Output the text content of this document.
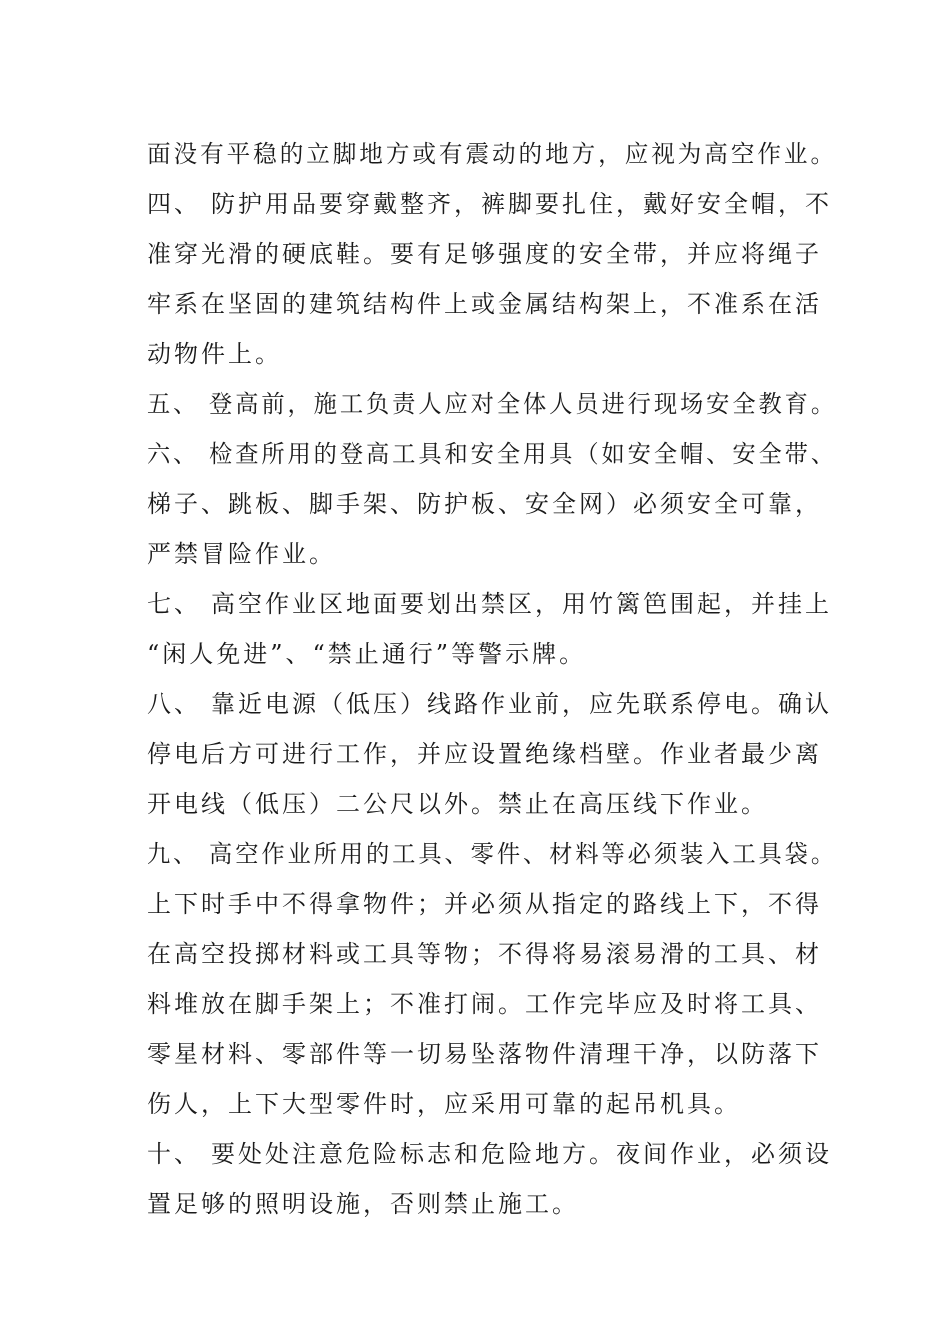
面没有平稳的立脚地方或有震动的地方，应视为高空作业。
四、 防护用品要穿戴整齐，裤脚要扎住，戴好安全帽，不
准穿光滑的硬底鞋。要有足够强度的安全带，并应将绳子
牢系在坚固的建筑结构件上或金属结构架上，不准系在活
动物件上。
五、 登高前，施工负责人应对全体人员进行现场安全教育。
六、 检查所用的登高工具和安全用具（如安全帽、安全带、
梯子、跳板、脚手架、防护板、安全网）必须安全可靠，
严禁冒险作业。
七、 高空作业区地面要划出禁区，用竹篱笆围起，并挂上
“闲人免进”、“禁止通行”等警示牌。
八、 靠近电源（低压）线路作业前，应先联系停电。确认
停电后方可进行工作，并应设置绝缘档壁。作业者最少离
开电线（低压）二公尺以外。禁止在高压线下作业。
九、 高空作业所用的工具、零件、材料等必须装入工具袋。
上下时手中不得拿物件；并必须从指定的路线上下，不得
在高空投掷材料或工具等物；不得将易滚易滑的工具、材
料堆放在脚手架上；不准打闹。工作完毕应及时将工具、
零星材料、零部件等一切易坠落物件清理干净，以防落下
伤人，上下大型零件时，应采用可靠的起吊机具。
十、 要处处注意危险标志和危险地方。夜间作业，必须设
置足够的照明设施，否则禁止施工。
